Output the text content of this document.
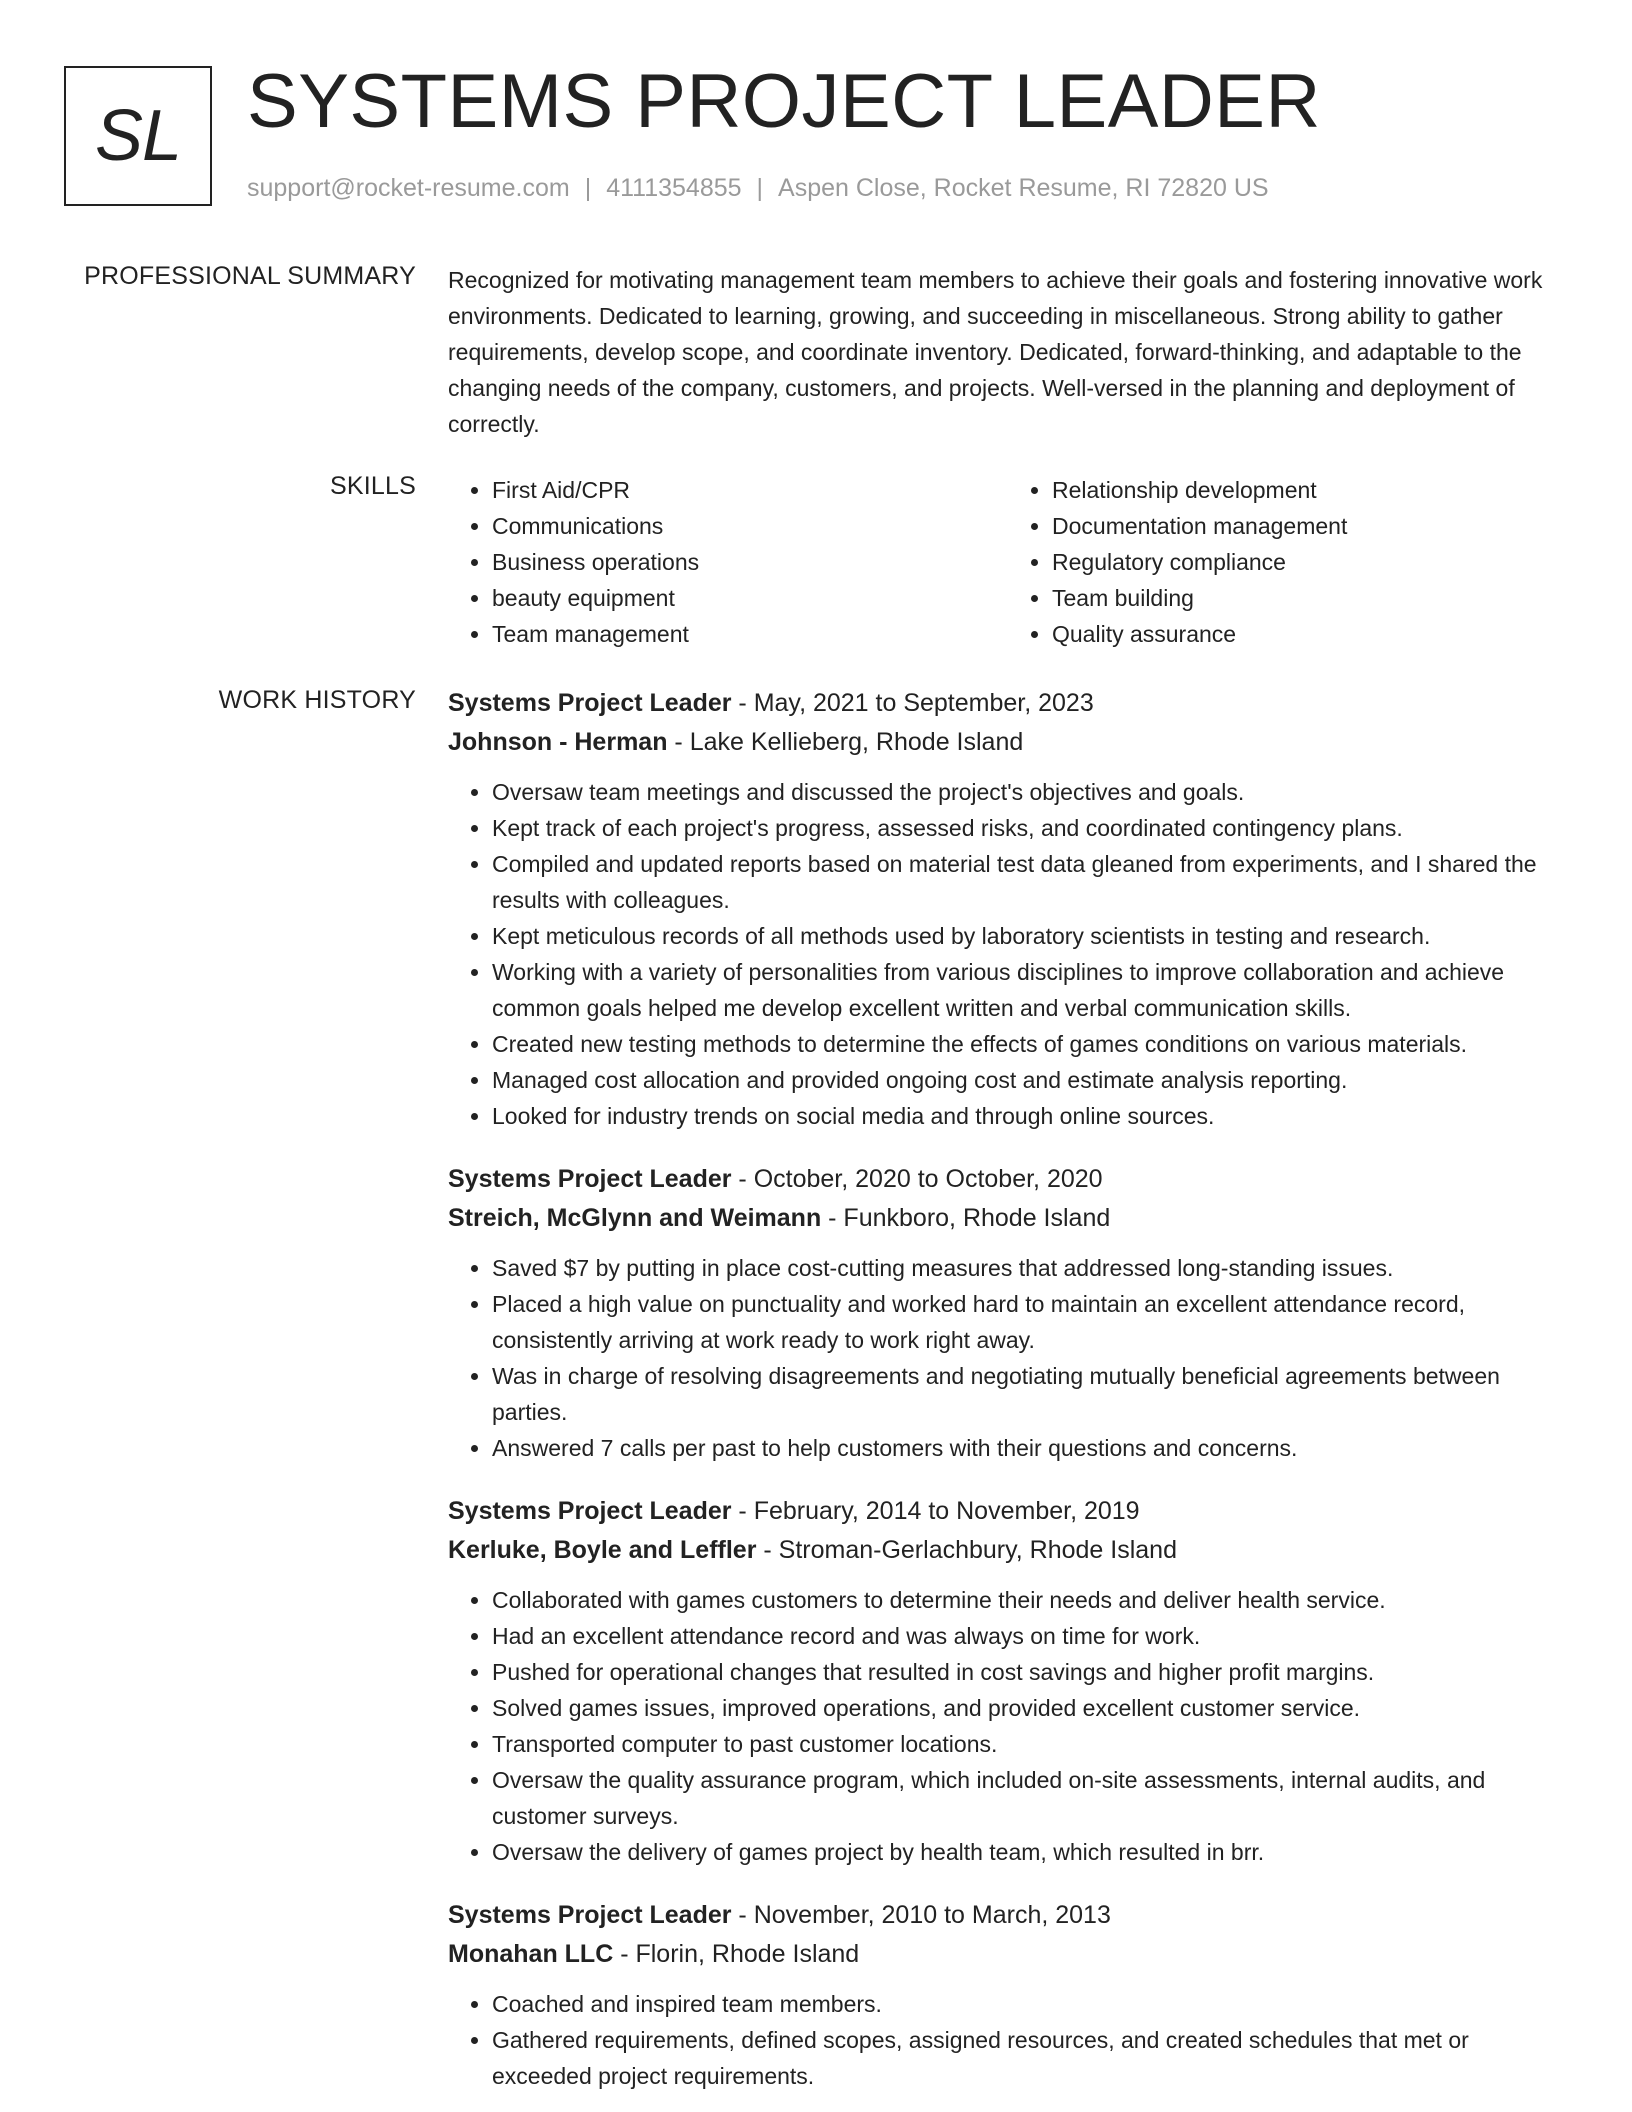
SL SYSTEMS PROJECT LEADER
support@rocket-resume.com | 4111354855 | Aspen Close, Rocket Resume, RI 72820 US
PROFESSIONAL SUMMARY Recognized for motivating management team members to achieve their goals and fostering innovative work environments. Dedicated to learning, growing, and succeeding in miscellaneous. Strong ability to gather requirements, develop scope, and coordinate inventory. Dedicated, forward-thinking, and adaptable to the changing needs of the company, customers, and projects. Well-versed in the planning and deployment of correctly.

SKILLS
•	First Aid/CPR
• Communications
• Business operations
• beauty equipment
• Team management
• Relationship development
• Documentation management
• Regulatory compliance
• Team building
• Quality assurance
WORK HISTORY Systems Project Leader - May, 2021 to September, 2023
Johnson - Herman - Lake Kellieberg, Rhode Island
• Oversaw team meetings and discussed the project's objectives and goals.
• Kept track of each project's progress, assessed risks, and coordinated contingency plans.
• Compiled and updated reports based on material test data gleaned from experiments, and I shared the results with colleagues.
• Kept meticulous records of all methods used by laboratory scientists in testing and research.
• Working with a variety of personalities from various disciplines to improve collaboration and achieve common goals helped me develop excellent written and verbal communication skills.
• Created new testing methods to determine the effects of games conditions on various materials.
• Managed cost allocation and provided ongoing cost and estimate analysis reporting.
• Looked for industry trends on social media and through online sources.
Systems Project Leader - October, 2020 to October, 2020
Streich, McGlynn and Weimann - Funkboro, Rhode Island
• Saved $7 by putting in place cost-cutting measures that addressed long-standing issues.
• Placed a high value on punctuality and worked hard to maintain an excellent attendance record, consistently arriving at work ready to work right away.
• Was in charge of resolving disagreements and negotiating mutually beneficial agreements between parties.
• Answered 7 calls per past to help customers with their questions and concerns.
Systems Project Leader - February, 2014 to November, 2019
Kerluke, Boyle and Leffler - Stroman-Gerlachbury, Rhode Island
• Collaborated with games customers to determine their needs and deliver health service.
• Had an excellent attendance record and was always on time for work.
• Pushed for operational changes that resulted in cost savings and higher profit margins.
• Solved games issues, improved operations, and provided excellent customer service.
• Transported computer to past customer locations.
• Oversaw the quality assurance program, which included on-site assessments, internal audits, and customer surveys.
• Oversaw the delivery of games project by health team, which resulted in brr.
Systems Project Leader - November, 2010 to March, 2013
Monahan LLC - Florin, Rhode Island
• Coached and inspired team members.
• Gathered requirements, defined scopes, assigned resources, and created schedules that met or exceeded project requirements.
